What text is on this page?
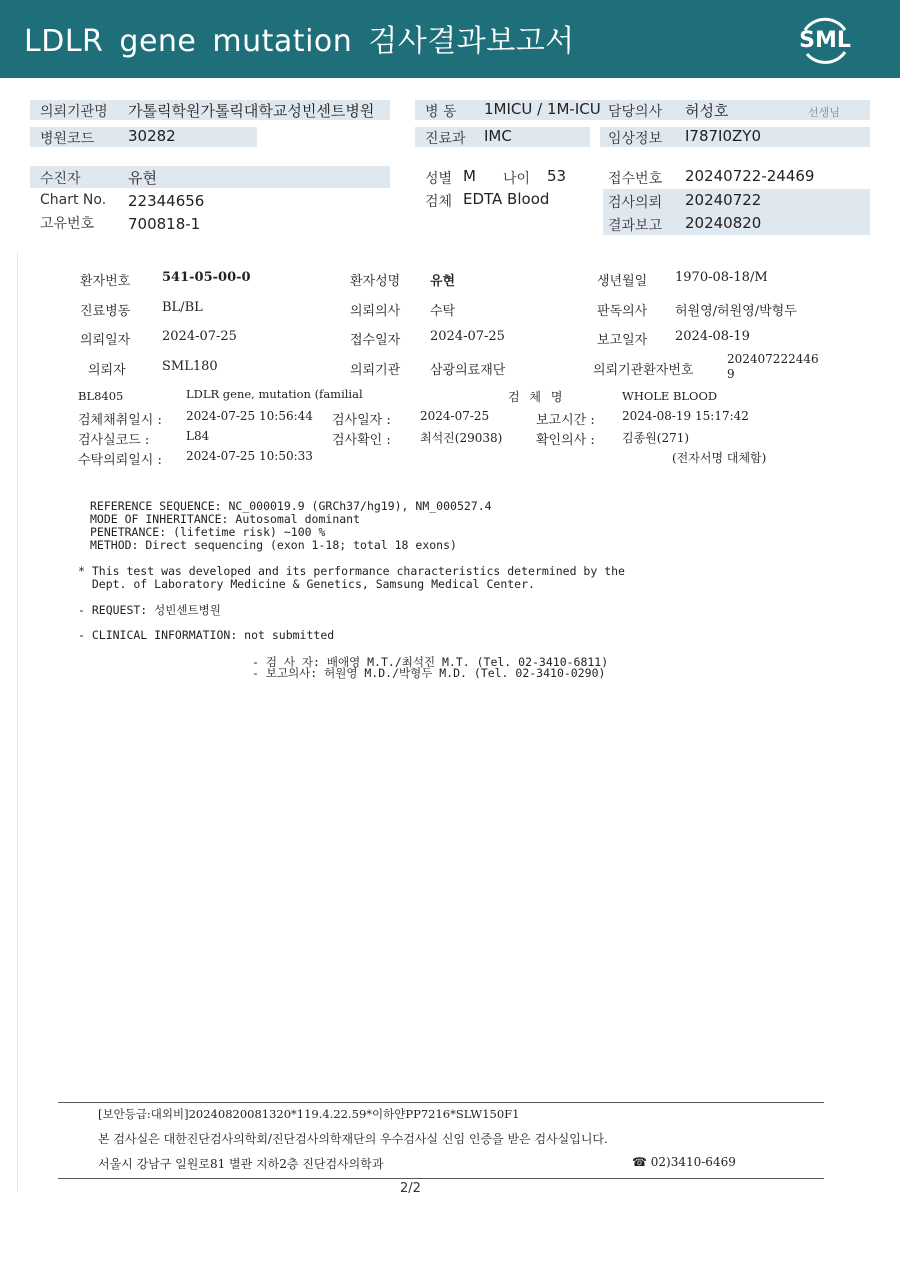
LDLR gene mutation 검사결과보고서	SML
의뢰기관명 가톨릭학원가톨릭대학교성빈센트병원	병 동 1MICU / 1M-ICU 담당의사 허성호	선생님
병원코드 30282	진료과 IMC	임상정보 I787I0ZY0
수진자	유현	성별 M 나이 53	접수번호 20240722-24469
Chart No. 22344656	검체 EDTA Blood	검사의뢰 20240722
고유번호 700818-1	결과보고 20240820
환자번호 541-05-00-0	환자성명 유현	생년월일 1970-08-18/M
진료병동 BL/BL	의뢰의사 수탁	판독의사 허원영/허원영/박형두
의뢰일자 2024-07-25	접수일자 2024-07-25	보고일자 2024-08-19
의뢰자	SML180	의뢰기관 삼광의료재단	의뢰기관환자번호
202407222446
9
BL8405	LDLR gene, mutation (familial	검 체 명	WHOLE BLOOD
검체채취일시 : 2024-07-25 10:56:44 검사일자 : 2024-07-25	보고시간 : 2024-08-19 15:17:42
검사실코드 :	L84	검사확인 : 최석진(29038)	확인의사 : 김종원(271)
수탁의뢰일시 : 2024-07-25 10:50:33	(전자서명 대체함)
REFERENCE SEQUENCE: NC_000019.9 (GRCh37/hg19), NM_000527.4
MODE OF INHERITANCE: Autosomal dominant
PENETRANCE: (lifetime risk) ~100 %
METHOD: Direct sequencing (exon 1-18; total 18 exons)
* This test was developed and its performance characteristics determined by the
Dept. of Laboratory Medicine & Genetics, Samsung Medical Center.
- REQUEST: 성빈센트병원
- CLINICAL INFORMATION: not submitted
- 검 사 자: 배애영 M.T./최석진 M.T. (Tel. 02-3410-6811)
- 보고의사: 허원영 M.D./박형두 M.D. (Tel. 02-3410-0290)
[보안등급:대외비]20240820081320*119.4.22.59*이하얀PP7216*SLW150F1
본 검사실은 대한진단검사의학회/진단검사의학재단의 우수검사실 신임 인증을 받은 검사실입니다.
서울시 강남구 일원로81 별관 지하2층 진단검사의학과	☎ 02)3410-6469
2/2
